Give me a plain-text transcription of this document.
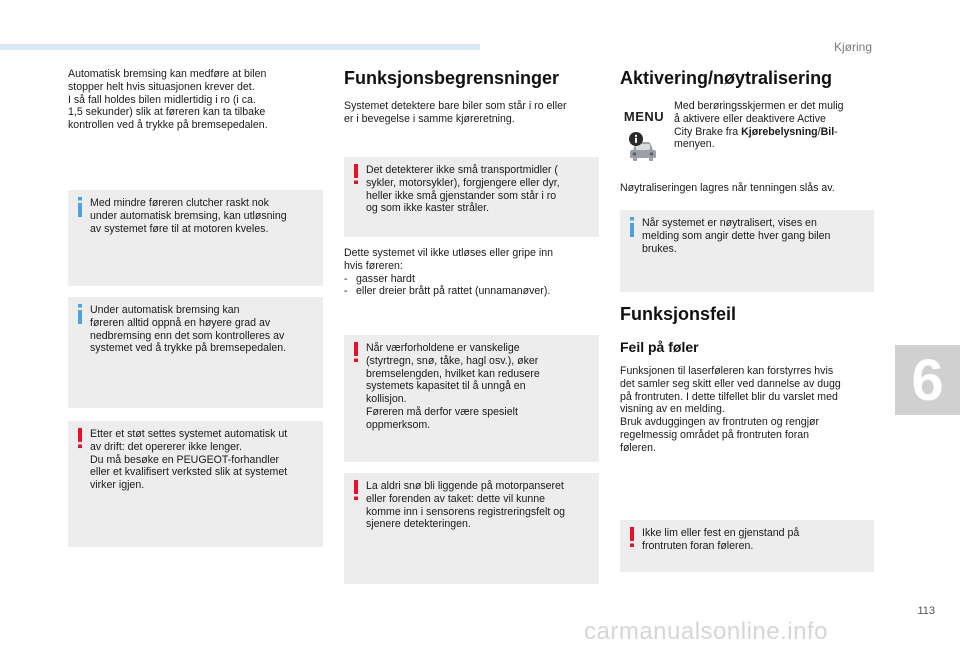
Kjøring
6
113
carmanualsonline.info

Automatisk bremsing kan medføre at bilen

stopper helt hvis situasjonen krever det.

I så fall holdes bilen midlertidig i ro (i ca.

1,5 sekunder) slik at føreren kan ta tilbake

kontrollen ved å trykke på bremsepedalen.

Med mindre føreren clutcher raskt nok

under automatisk bremsing, kan utløsning

av systemet føre til at motoren kveles.

Under automatisk bremsing kan

føreren alltid oppnå en høyere grad av

nedbremsing enn det som kontrolleres av

systemet ved å trykke på bremsepedalen.

Etter et støt settes systemet automatisk ut

av drift: det opererer ikke lenger.

Du må besøke en PEUGEOT-forhandler

eller et kvalifisert verksted slik at systemet

virker igjen.

Funksjonsbegrensninger

Systemet detektere bare biler som står i ro eller

er i bevegelse i samme kjøreretning.

Det detekterer ikke små transportmidler (

sykler, motorsykler), forgjengere eller dyr,

heller ikke små gjenstander som står i ro

og som ikke kaster stråler.

Dette systemet vil ikke utløses eller gripe inn

hvis føreren:

- gasser hardt
- eller dreier brått på rattet (unnamanøver).

Når værforholdene er vanskelige

(styrtregn, snø, tåke, hagl osv.), øker

bremselengden, hvilket kan redusere

systemets kapasitet til å unngå en

kollisjon.

Føreren må derfor være spesielt

oppmerksom.

La aldri snø bli liggende på motorpanseret

eller forenden av taket: dette vil kunne

komme inn i sensorens registreringsfelt og

sjenere detekteringen.

Aktivering/nøytralisering

Med berøringsskjermen er det mulig

å aktivere eller deaktivere Active

City Brake fra Kjørebelysning/Bil-

menyen.

Nøytraliseringen lagres når tenningen slås av.

Når systemet er nøytralisert, vises en

melding som angir dette hver gang bilen

brukes.

Funksjonsfeil
Feil på føler

Funksjonen til laserføleren kan forstyrres hvis

det samler seg skitt eller ved dannelse av dugg

på frontruten. I dette tilfellet blir du varslet med

visning av en melding.

Bruk avduggingen av frontruten og rengjør

regelmessig området på frontruten foran

føleren.

Ikke lim eller fest en gjenstand på

frontruten foran føleren.

MENU
